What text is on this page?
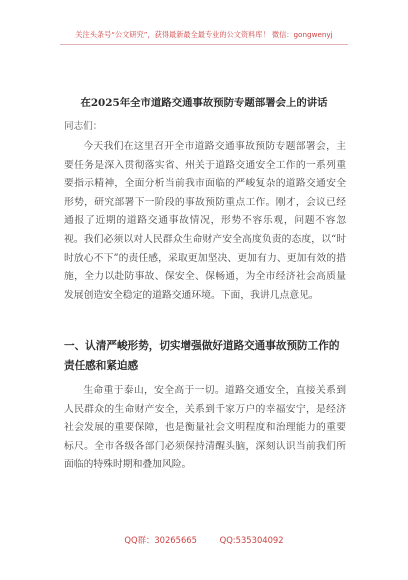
关注头条号“公文研究”，获得最新最全最专业的公文资料库！ 微信：gongwenyj
在2025年全市道路交通事故预防专题部署会上的讲话
同志们：
今天我们在这里召开全市道路交通事故预防专题部署会，主要任务是深入贯彻落实省、州关于道路交通安全工作的一系列重要指示精神，全面分析当前我市面临的严峻复杂的道路交通安全形势，研究部署下一阶段的事故预防重点工作。刚才，会议已经通报了近期的道路交通事故情况，形势不容乐观，问题不容忽视。我们必须以对人民群众生命财产安全高度负责的态度，以“时时放心不下”的责任感，采取更加坚决、更加有力、更加有效的措施，全力以赴防事故、保安全、保畅通，为全市经济社会高质量发展创造安全稳定的道路交通环境。下面，我讲几点意见。
一、认清严峻形势，切实增强做好道路交通事故预防工作的责任感和紧迫感
生命重于泰山，安全高于一切。道路交通安全，直接关系到人民群众的生命财产安全，关系到千家万户的幸福安宁，是经济社会发展的重要保障，也是衡量社会文明程度和治理能力的重要标尺。全市各级各部门必须保持清醒头脑，深刻认识当前我们所面临的特殊时期和叠加风险。
QQ群：30265665	QQ:535304092
